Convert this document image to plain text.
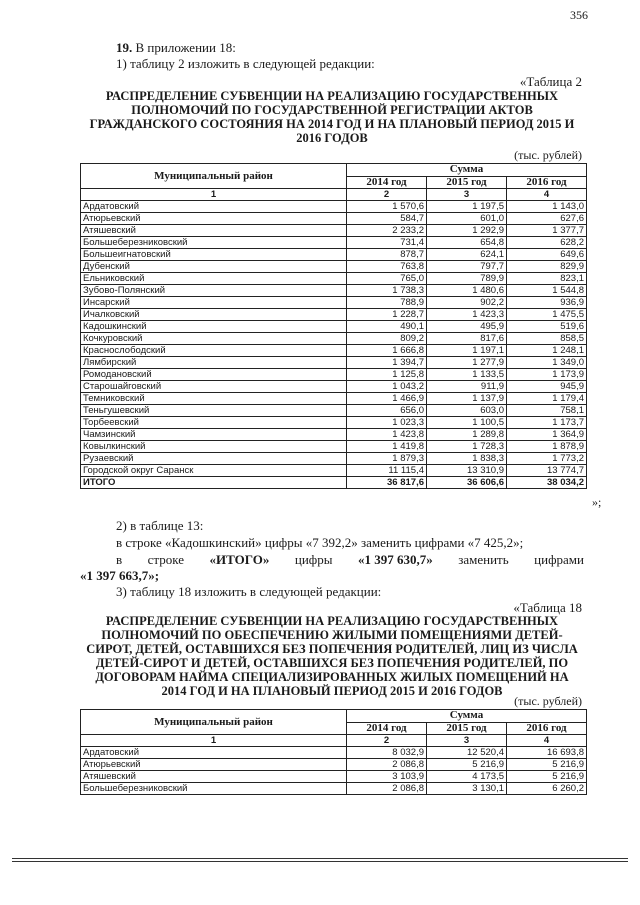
356
19. В приложении 18:
1) таблицу 2 изложить в следующей редакции:
«Таблица 2
РАСПРЕДЕЛЕНИЕ СУБВЕНЦИИ НА РЕАЛИЗАЦИЮ ГОСУДАРСТВЕННЫХ ПОЛНОМОЧИЙ ПО ГОСУДАРСТВЕННОЙ РЕГИСТРАЦИИ АКТОВ ГРАЖДАНСКОГО СОСТОЯНИЯ НА 2014 ГОД И НА ПЛАНОВЫЙ ПЕРИОД 2015 И 2016 ГОДОВ
(тыс. рублей)
Муниципальный район	Сумма		
	2014 год	2015 год	2016 год
1	2	3	4
Ардатовский	1 570,6	1 197,5	1 143,0
Атюрьевский	584,7	601,0	627,6
Атяшевский	2 233,2	1 292,9	1 377,7
Большеберезниковский	731,4	654,8	628,2
Большеигнатовский	878,7	624,1	649,6
Дубенский	763,8	797,7	829,9
Ельниковский	765,0	789,9	823,1
Зубово-Полянский	1 738,3	1 480,6	1 544,8
Инсарский	788,9	902,2	936,9
Ичалковский	1 228,7	1 423,3	1 475,5
Кадошкинский	490,1	495,9	519,6
Кочкуровский	809,2	817,6	858,5
Краснослободский	1 666,8	1 197,1	1 248,1
Лямбирский	1 394,7	1 277,9	1 349,0
Ромодановский	1 125,8	1 133,5	1 173,9
Старошайговский	1 043,2	911,9	945,9
Темниковский	1 466,9	1 137,9	1 179,4
Теньгушевский	656,0	603,0	758,1
Торбеевский	1 023,3	1 100,5	1 173,7
Чамзинский	1 423,8	1 289,8	1 364,9
Ковылкинский	1 419,8	1 728,3	1 878,9
Рузаевский	1 879,3	1 838,3	1 773,2
Городской округ Саранск	11 115,4	13 310,9	13 774,7
ИТОГО	36 817,6	36 606,6	38 034,2
»;
2) в таблице 13:
в строке «Кадошкинский» цифры «7 392,2» заменить цифрами «7 425,2»;
в строке «ИТОГО» цифры «1 397 630,7» заменить цифрами
«1 397 663,7»;
3) таблицу 18 изложить в следующей редакции:
«Таблица 18
РАСПРЕДЕЛЕНИЕ СУБВЕНЦИИ НА РЕАЛИЗАЦИЮ ГОСУДАРСТВЕННЫХ ПОЛНОМОЧИЙ ПО ОБЕСПЕЧЕНИЮ ЖИЛЫМИ ПОМЕЩЕНИЯМИ ДЕТЕЙ-СИРОТ, ДЕТЕЙ, ОСТАВШИХСЯ БЕЗ ПОПЕЧЕНИЯ РОДИТЕЛЕЙ, ЛИЦ ИЗ ЧИСЛА ДЕТЕЙ-СИРОТ И ДЕТЕЙ, ОСТАВШИХСЯ БЕЗ ПОПЕЧЕНИЯ РОДИТЕЛЕЙ, ПО ДОГОВОРАМ НАЙМА СПЕЦИАЛИЗИРОВАННЫХ ЖИЛЫХ ПОМЕЩЕНИЙ НА 2014 ГОД И НА ПЛАНОВЫЙ ПЕРИОД 2015 И 2016 ГОДОВ
(тыс. рублей)
Муниципальный район	Сумма		
	2014 год	2015 год	2016 год
1	2	3	4
Ардатовский	8 032,9	12 520,4	16 693,8
Атюрьевский	2 086,8	5 216,9	5 216,9
Атяшевский	3 103,9	4 173,5	5 216,9
Большеберезниковский	2 086,8	3 130,1	6 260,2
